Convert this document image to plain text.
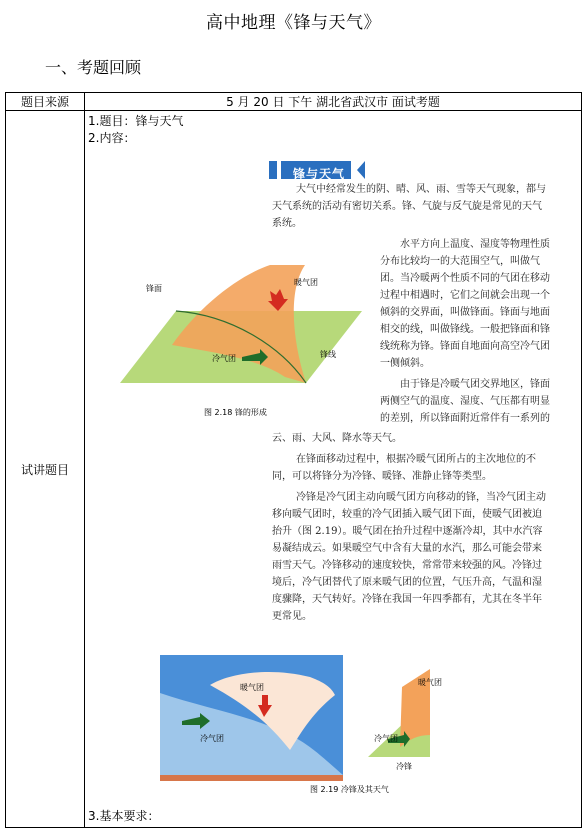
高中地理《锋与天气》
一、考题回顾
题目来源	5 月 20 日 下午 湖北省武汉市 面试考题
试讲题目	1.题目：锋与天气
2.内容：
3.基本要求：
锋与天气
大气中经常发生的阴、晴、风、雨、雪等天气现象，都与
天气系统的活动有密切关系。锋、气旋与反气旋是常见的天气
系统。
水平方向上温度、湿度等物理性质
分布比较均一的大范围空气，叫做气
团。当冷暖两个性质不同的气团在移动
过程中相遇时，它们之间就会出现一个
倾斜的交界面，叫做锋面。锋面与地面
相交的线，叫做锋线。一般把锋面和锋
线统称为锋。锋面自地面向高空冷气团
一侧倾斜。
由于锋是冷暖气团交界地区，锋面
两侧空气的温度、湿度、气压都有明显
的差别，所以锋面附近常伴有一系列的
云、雨、大风、降水等天气。
锋面
暖气团
冷气团	锋线
图 2.18 锋的形成
在锋面移动过程中，根据冷暖气团所占的主次地位的不
同，可以将锋分为冷锋、暖锋、准静止锋等类型。
冷锋是冷气团主动向暖气团方向移动的锋，当冷气团主动
移向暖气团时，较重的冷气团插入暖气团下面，使暖气团被迫
抬升（图 2.19）。暖气团在抬升过程中逐渐冷却，其中水汽容
易凝结成云。如果暖空气中含有大量的水汽，那么可能会带来
雨雪天气。冷锋移动的速度较快，常常带来较强的风。冷锋过
境后，冷气团替代了原来暖气团的位置，气压升高，气温和湿
度骤降，天气转好。冷锋在我国一年四季都有，尤其在冬半年
更常见。
暖气团
冷气团
暖气团
冷气团
冷锋
图 2.19 冷锋及其天气
